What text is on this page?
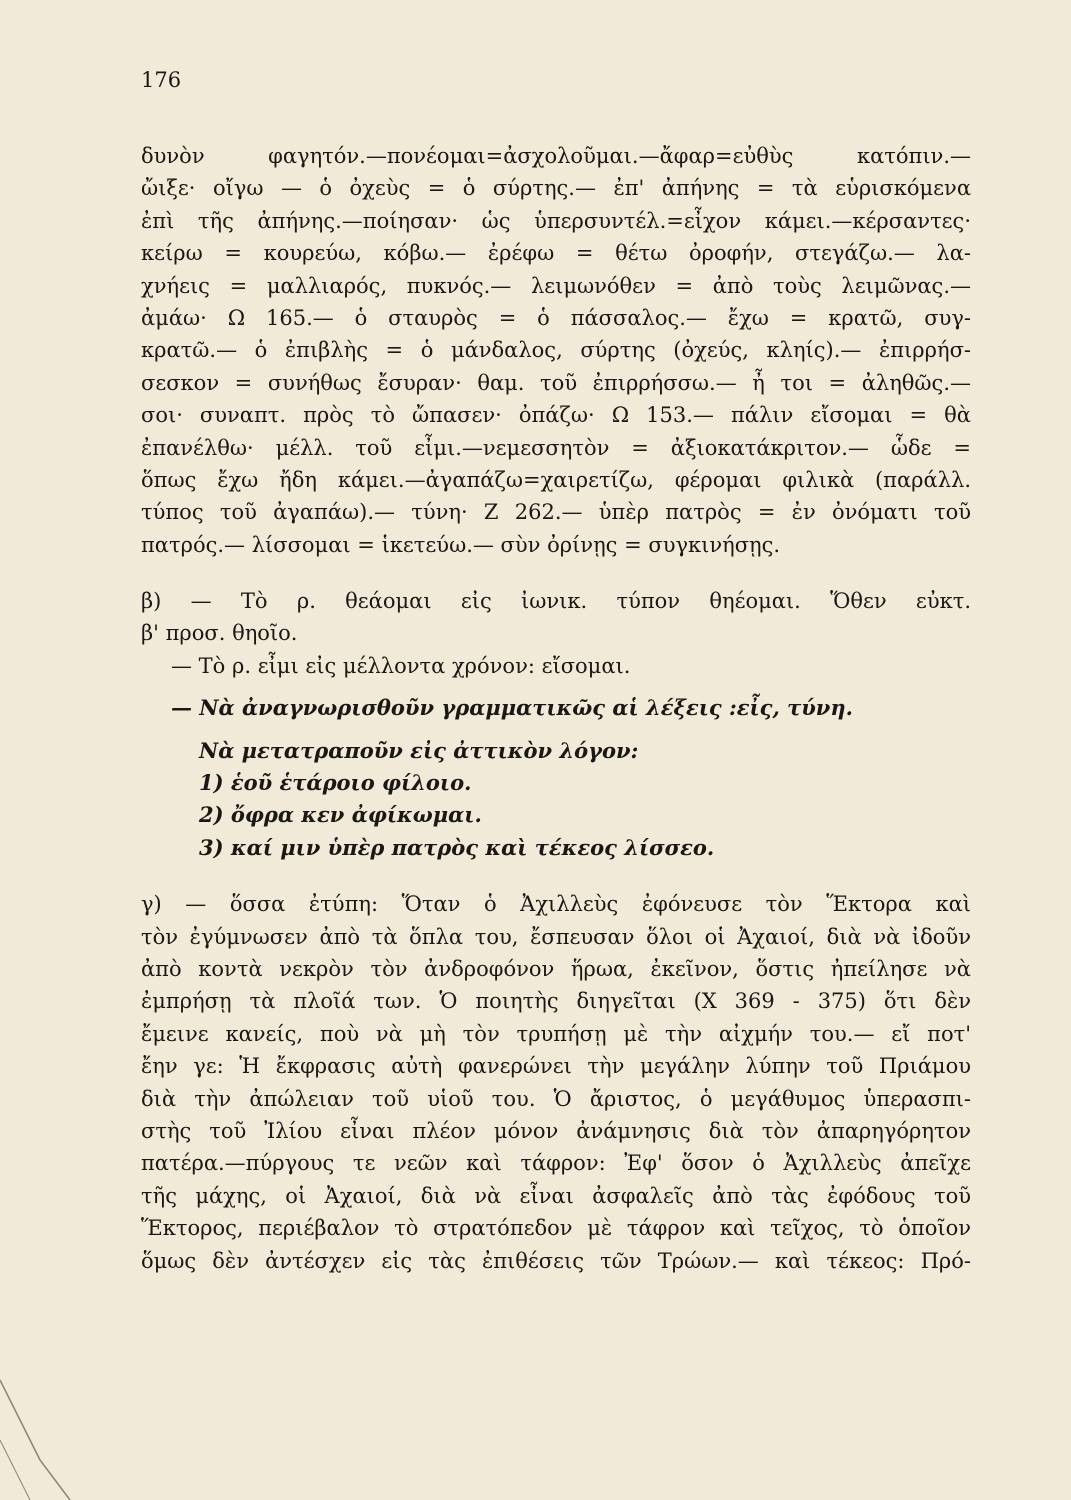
176
δυνὸν φαγητόν.—πονέομαι=ἀσχολοῦμαι.—ἄφαρ=εὐθὺς κατόπιν.—
ὤιξε· οἴγω — ὁ ὀχεὺς = ὁ σύρτης.— ἐπ' ἀπήνης = τὰ εὑρισκόμενα
ἐπὶ τῆς ἀπήνης.—ποίησαν· ὡς ὑπερσυντέλ.=εἶχον κάμει.—κέρσαντες·
κείρω = κουρεύω, κόβω.— ἐρέφω = θέτω ὀροφήν, στεγάζω.— λα-
χνήεις = μαλλιαρός, πυκνός.— λειμωνόθεν = ἀπὸ τοὺς λειμῶνας.—
ἀμάω· Ω 165.— ὁ σταυρὸς = ὁ πάσσαλος.— ἔχω = κρατῶ, συγ-
κρατῶ.— ὁ ἐπιβλὴς = ὁ μάνδαλος, σύρτης (ὀχεύς, κληίς).— ἐπιρρήσ-
σεσκον = συνήθως ἔσυραν· θαμ. τοῦ ἐπιρρήσσω.— ἦ τοι = ἀληθῶς.—
σοι· συναπτ. πρὸς τὸ ὤπασεν· ὀπάζω· Ω 153.— πάλιν εἴσομαι = θὰ
ἐπανέλθω· μέλλ. τοῦ εἶμι.—νεμεσσητὸν = ἀξιοκατάκριτον.— ὧδε =
ὅπως ἔχω ἤδη κάμει.—ἀγαπάζω=χαιρετίζω, φέρομαι φιλικὰ (παράλλ.
τύπος τοῦ ἀγαπάω).— τύνη· Ζ 262.— ὑπὲρ πατρὸς = ἐν ὀνόματι τοῦ
πατρός.— λίσσομαι = ἱκετεύω.— σὺν ὀρίνῃς = συγκινήσῃς.
β) — Τὸ ρ. θεάομαι εἰς ἰωνικ. τύπον θηέομαι. Ὅθεν εὐκτ.
β' προσ. θηοῖο.
— Τὸ ρ. εἶμι εἰς μέλλοντα χρόνον: εἴσομαι.
— Νὰ ἀναγνωρισθοῦν γραμματικῶς αἱ λέξεις :εἶς, τύνη.
Νὰ μετατραποῦν εἰς ἀττικὸν λόγον:
1) ἑοῦ ἑτάροιο φίλοιο.
2) ὄφρα κεν ἀφίκωμαι.
3) καί μιν ὑπὲρ πατρὸς καὶ τέκεος λίσσεο.
γ) — ὅσσα ἐτύπη: Ὅταν ὁ Ἀχιλλεὺς ἐφόνευσε τὸν Ἕκτορα καὶ
τὸν ἐγύμνωσεν ἀπὸ τὰ ὅπλα του, ἔσπευσαν ὅλοι οἱ Ἀχαιοί, διὰ νὰ ἰδοῦν
ἀπὸ κοντὰ νεκρὸν τὸν ἀνδροφόνον ἥρωα, ἐκεῖνον, ὅστις ἠπείλησε νὰ
ἐμπρήσῃ τὰ πλοῖά των. Ὁ ποιητὴς διηγεῖται (Χ 369 - 375) ὅτι δὲν
ἔμεινε κανείς, ποὺ νὰ μὴ τὸν τρυπήσῃ μὲ τὴν αἰχμήν του.— εἴ ποτ'
ἔην γε: Ἡ ἔκφρασις αὐτὴ φανερώνει τὴν μεγάλην λύπην τοῦ Πριάμου
διὰ τὴν ἀπώλειαν τοῦ υἱοῦ του. Ὁ ἄριστος, ὁ μεγάθυμος ὑπερασπι-
στὴς τοῦ Ἰλίου εἶναι πλέον μόνον ἀνάμνησις διὰ τὸν ἀπαρηγόρητον
πατέρα.—πύργους τε νεῶν καὶ τάφρον: Ἐφ' ὅσον ὁ Ἀχιλλεὺς ἀπεῖχε
τῆς μάχης, οἱ Ἀχαιοί, διὰ νὰ εἶναι ἀσφαλεῖς ἀπὸ τὰς ἐφόδους τοῦ
Ἕκτορος, περιέβαλον τὸ στρατόπεδον μὲ τάφρον καὶ τεῖχος, τὸ ὁποῖον
ὅμως δὲν ἀντέσχεν εἰς τὰς ἐπιθέσεις τῶν Τρώων.— καὶ τέκεος: Πρό-
